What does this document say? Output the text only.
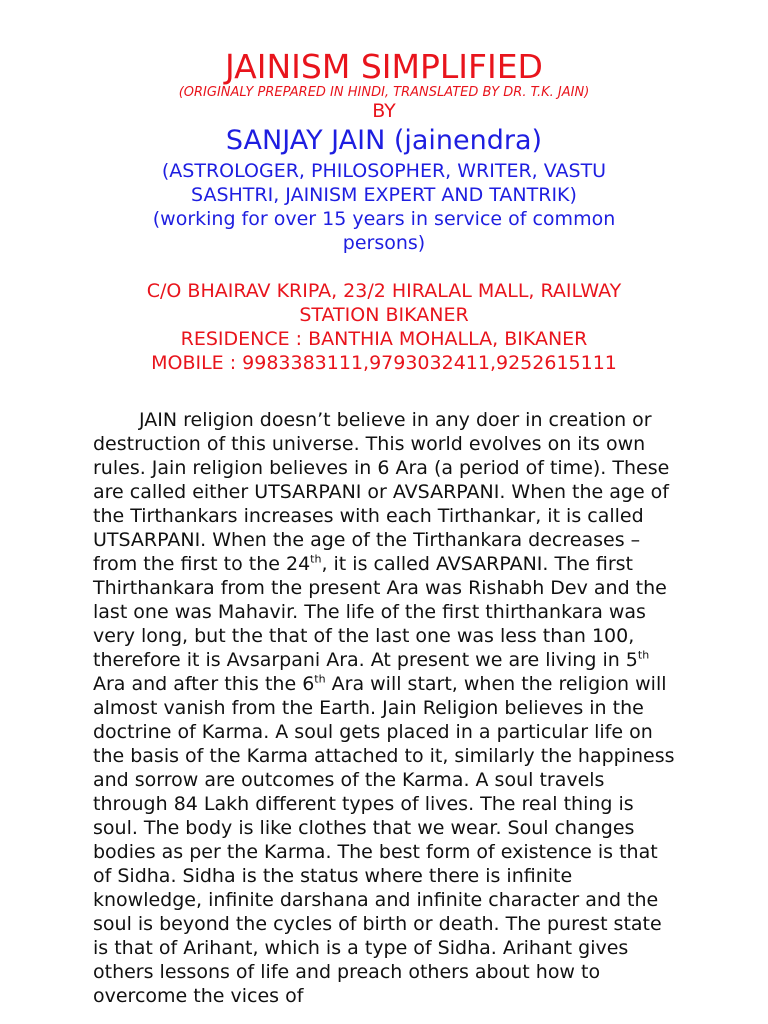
JAINISM SIMPLIFIED

(ORIGINALY PREPARED IN HINDI, TRANSLATED BY DR. T.K. JAIN)

BY

SANJAY JAIN (jainendra)

(ASTROLOGER, PHILOSOPHER, WRITER, VASTU SASHTRI, JAINISM EXPERT AND TANTRIK)

(working for over 15 years in service of common persons)

C/O BHAIRAV KRIPA, 23/2 HIRALAL MALL, RAILWAY STATION BIKANER

RESIDENCE : BANTHIA MOHALLA, BIKANER

MOBILE : 9983383111,9793032411,9252615111

JAIN religion doesn’t believe in any doer in creation or destruction of this universe. This world evolves on its own rules. Jain religion believes in 6 Ara (a period of time). These are called either UTSARPANI or AVSARPANI. When the age of the Tirthankars increases with each Tirthankar, it is called UTSARPANI. When the age of the Tirthankara decreases – from the first to the 24th, it is called AVSARPANI. The first Thirthankara from the present Ara was Rishabh Dev and the last one was Mahavir. The life of the first thirthankara was very long, but the that of the last one was less than 100, therefore it is Avsarpani Ara. At present we are living in 5th Ara and after this the 6th Ara will start, when the religion will almost vanish from the Earth. Jain Religion believes in the doctrine of Karma. A soul gets placed in a particular life on the basis of the Karma attached to it, similarly the happiness and sorrow are outcomes of the Karma. A soul travels through 84 Lakh different types of lives. The real thing is soul. The body is like clothes that we wear. Soul changes bodies as per the Karma. The best form of existence is that of Sidha. Sidha is the status where there is infinite knowledge, infinite darshana and infinite character and the soul is beyond the cycles of birth or death. The purest state is that of Arihant, which is a type of Sidha. Arihant gives others lessons of life and preach others about how to overcome the vices of
